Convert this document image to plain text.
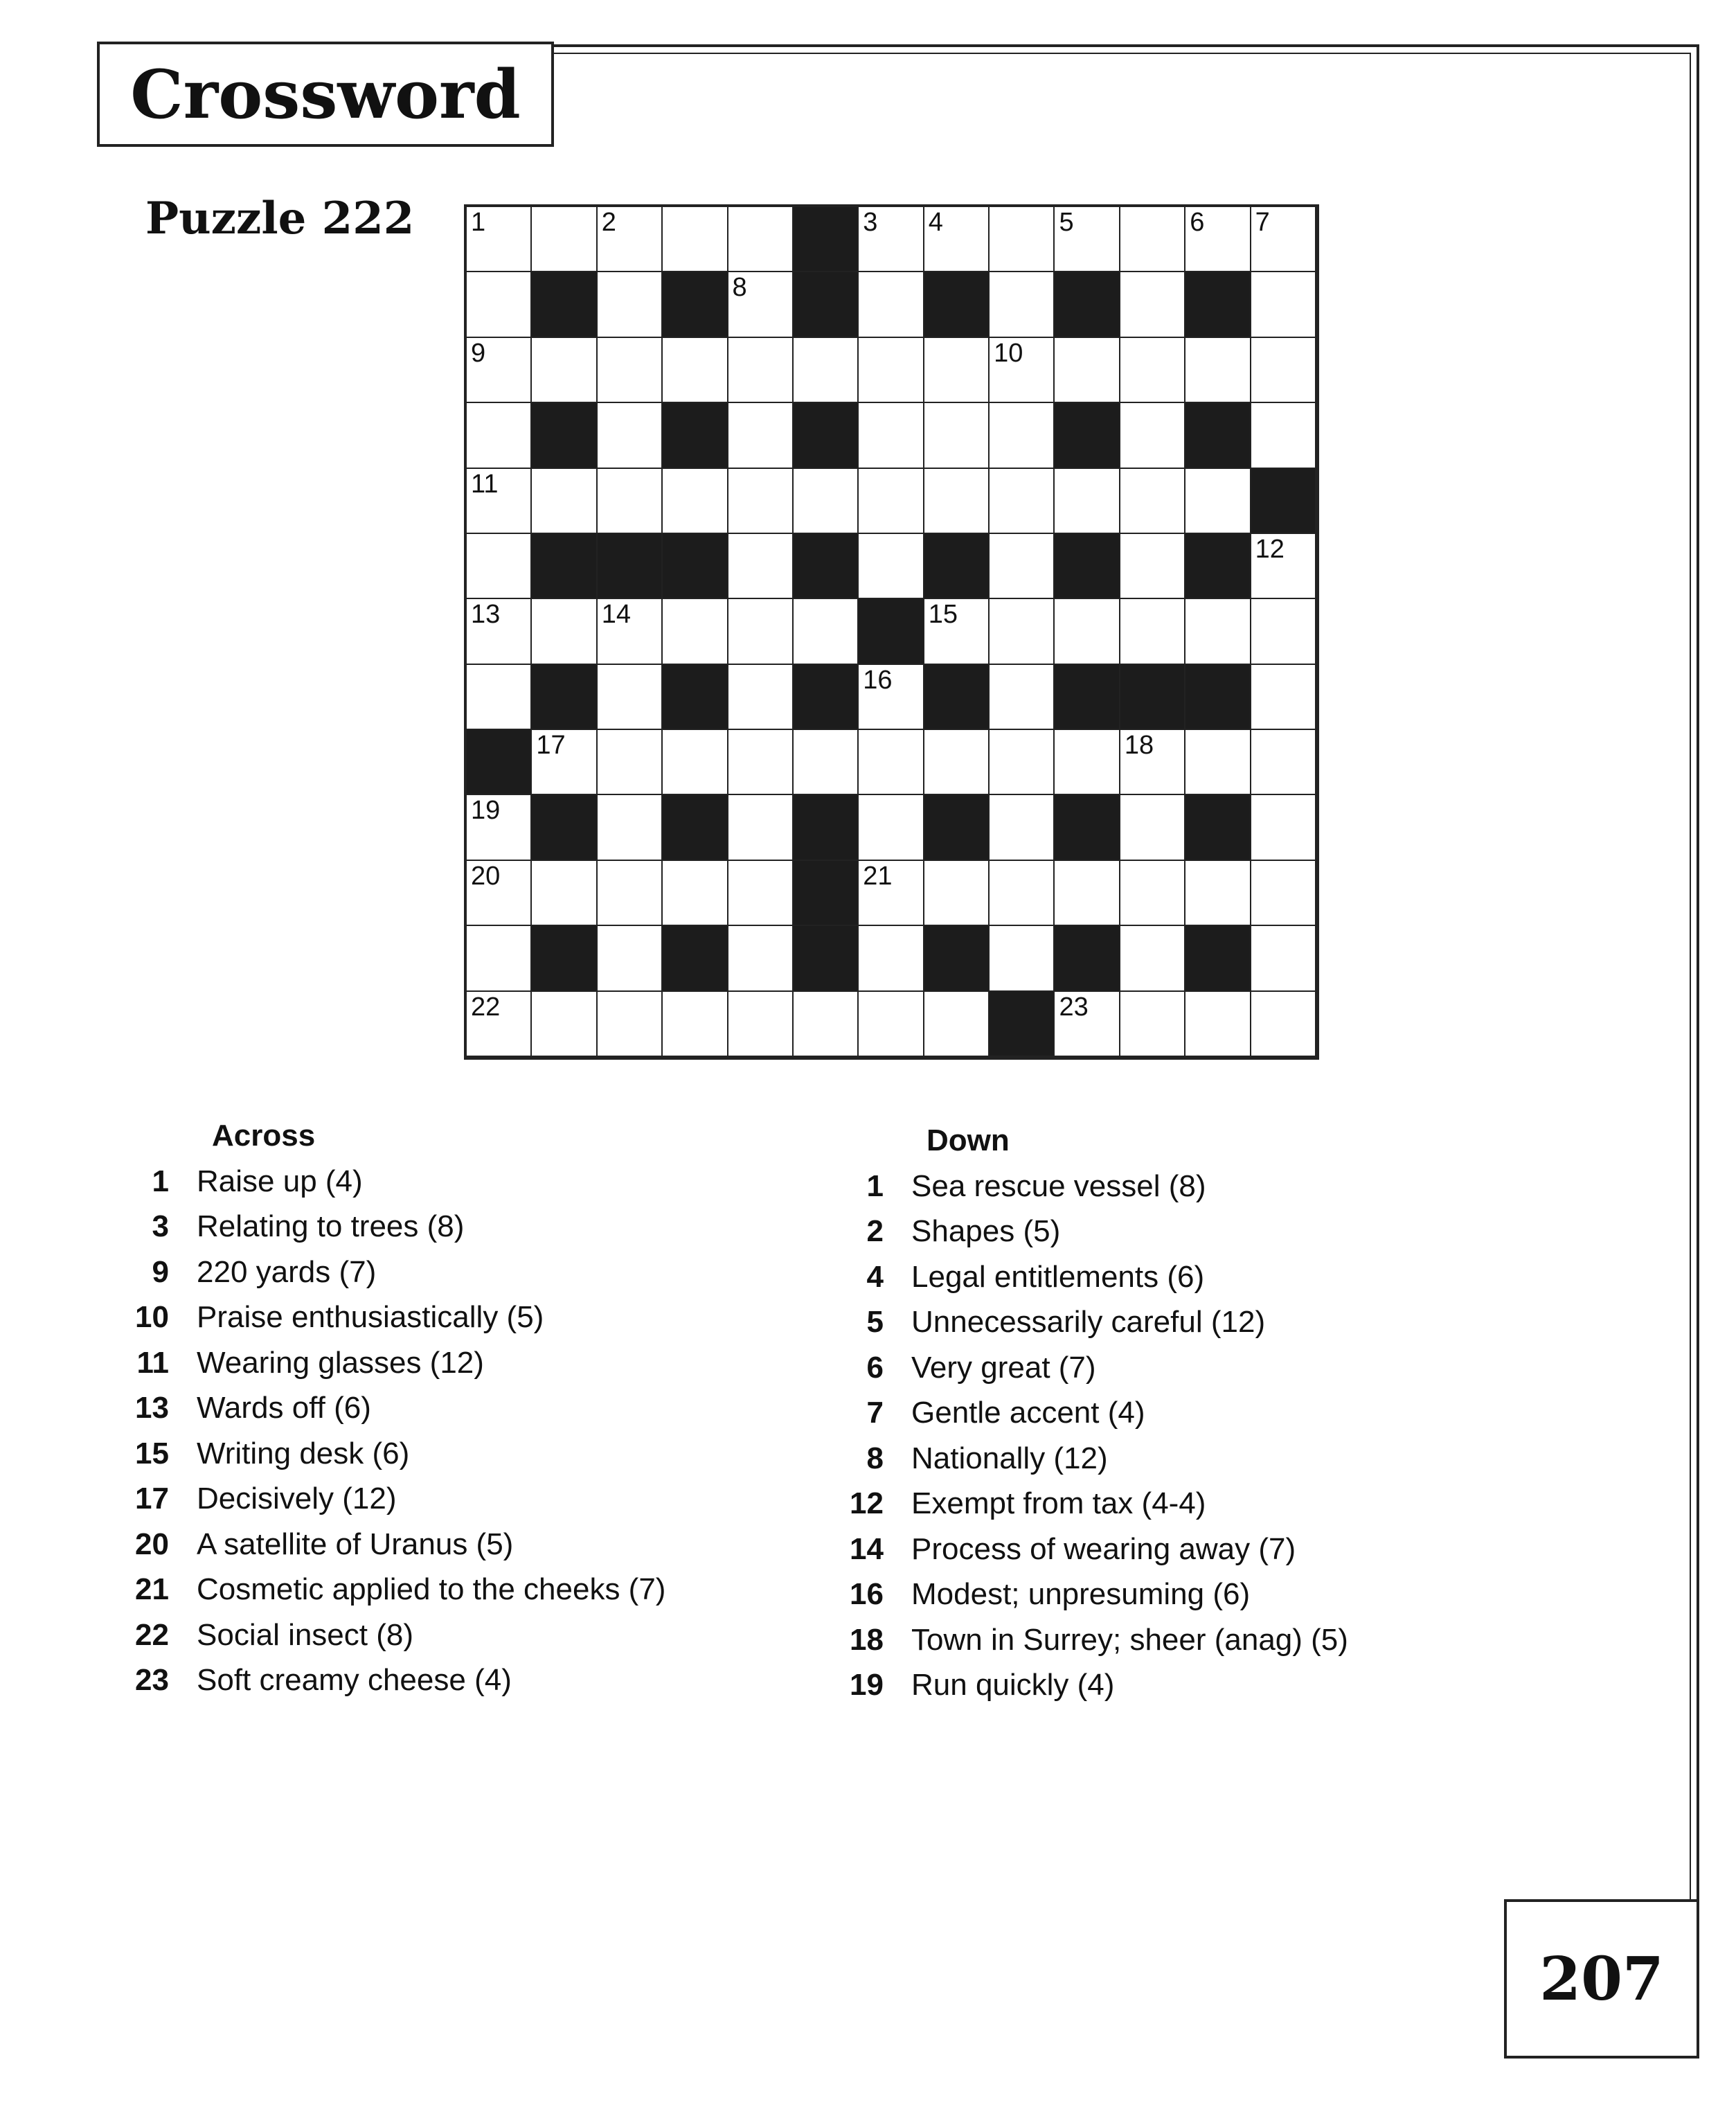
Crossword
Puzzle 222 1	2	3 4	5	6 7
8
9	10
11
12
13	14	15
16
17	18
19
20	21
22	23
Across
1 Raise up (4)
3 Relating to trees (8)
9 220 yards (7)
10 Praise enthusiastically (5)
11 Wearing glasses (12)
13 Wards off (6)
15 Writing desk (6)
17 Decisively (12)
20 A satellite of Uranus (5)
21 Cosmetic applied to the cheeks (7)
22 Social insect (8)
23 Soft creamy cheese (4)
Down
1 Sea rescue vessel (8)
2 Shapes (5)
4 Legal entitlements (6)
5 Unnecessarily careful (12)
6 Very great (7)
7 Gentle accent (4)
8 Nationally (12)
12 Exempt from tax (4-4)
14 Process of wearing away (7)
16 Modest; unpresuming (6)
18 Town in Surrey; sheer (anag) (5)
19 Run quickly (4)
207
